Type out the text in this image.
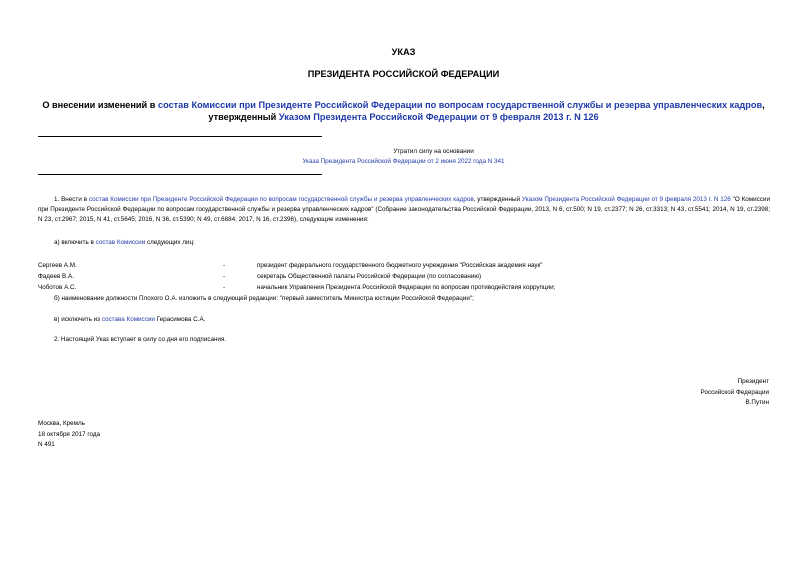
УКАЗ
ПРЕЗИДЕНТА РОССИЙСКОЙ ФЕДЕРАЦИИ
О внесении изменений в состав Комиссии при Президенте Российской Федерации по вопросам государственной службы и резерва управленческих кадров,
утвержденный Указом Президента Российской Федерации от 9 февраля 2013 г. N 126
Утратил силу на основании
Указа Президента Российской Федерации от 2 июня 2022 года N 341
1. Внести в состав Комиссии при Президенте Российской Федерации по вопросам государственной службы и резерва управленческих кадров, утвержденный Указом Президента Российской Федерации от 9 февраля 2013 г. N 126 "О Комиссии при Президенте Российской Федерации по вопросам государственной службы и резерва управленческих кадров" (Собрание законодательства Российской Федерации, 2013, N 6, ст.500; N 19, ст.2377; N 26, ст.3313; N 43, ст.5541; 2014, N 19, ст.2398; N 23, ст.2967; 2015, N 41, ст.5645; 2016, N 36, ст.5390; N 49, ст.6884; 2017, N 16, ст.2396), следующие изменения:
а) включить в состав Комиссии следующих лиц:
Сергеев А.М.	-	президент федерального государственного бюджетного учреждения "Российская академия наук"
Фадеев В.А.	-	секретарь Общественной палаты Российской Федерации (по согласованию)
Чоботов А.С.	-	начальник Управления Президента Российской Федерации по вопросам противодействия коррупции;
б) наименование должности Плохого О.А. изложить в следующей редакции: "первый заместитель Министра юстиции Российской Федерации";
в) исключить из состава Комиссии Герасимова С.А.
2. Настоящий Указ вступает в силу со дня его подписания.
Президент
Российской Федерации
В.Путин
Москва, Кремль
18 октября 2017 года
N 491
